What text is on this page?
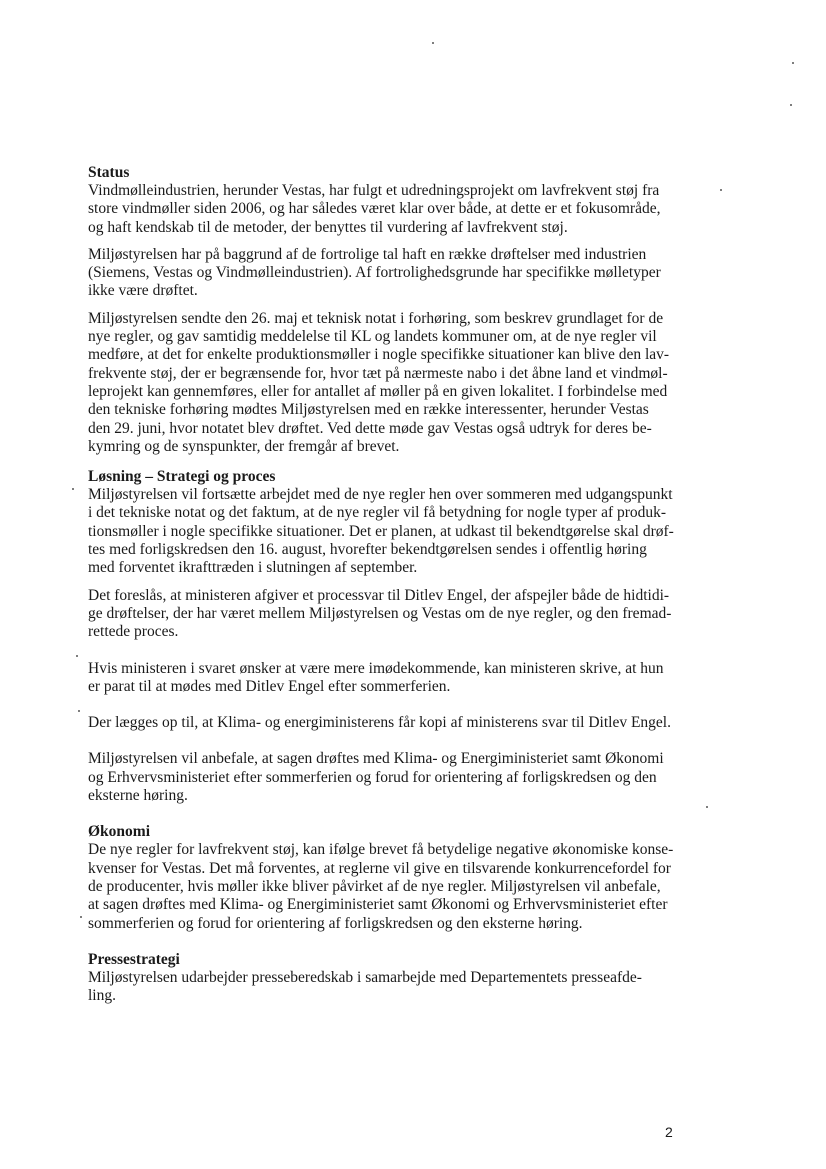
Status

Vindmølleindustrien, herunder Vestas, har fulgt et udredningsprojekt om lavfrekvent støj fra
store vindmøller siden 2006, og har således været klar over både, at dette er et fokusområde,
og haft kendskab til de metoder, der benyttes til vurdering af lavfrekvent støj.

Miljøstyrelsen har på baggrund af de fortrolige tal haft en række drøftelser med industrien
(Siemens, Vestas og Vindmølleindustrien). Af fortrolighedsgrunde har specifikke mølletyper
ikke være drøftet.

Miljøstyrelsen sendte den 26. maj et teknisk notat i forhøring, som beskrev grundlaget for de
nye regler, og gav samtidig meddelelse til KL og landets kommuner om, at de nye regler vil
medføre, at det for enkelte produktionsmøller i nogle specifikke situationer kan blive den lav-
frekvente støj, der er begrænsende for, hvor tæt på nærmeste nabo i det åbne land et vindmøl-
leprojekt kan gennemføres, eller for antallet af møller på en given lokalitet. I forbindelse med
den tekniske forhøring mødtes Miljøstyrelsen med en række interessenter, herunder Vestas
den 29. juni, hvor notatet blev drøftet. Ved dette møde gav Vestas også udtryk for deres be-
kymring og de synspunkter, der fremgår af brevet.

Løsning – Strategi og proces

Miljøstyrelsen vil fortsætte arbejdet med de nye regler hen over sommeren med udgangspunkt
i det tekniske notat og det faktum, at de nye regler vil få betydning for nogle typer af produk-
tionsmøller i nogle specifikke situationer. Det er planen, at udkast til bekendtgørelse skal drøf-
tes med forligskredsen den 16. august, hvorefter bekendtgørelsen sendes i offentlig høring
med forventet ikrafttræden i slutningen af september.

Det foreslås, at ministeren afgiver et processvar til Ditlev Engel, der afspejler både de hidtidi-
ge drøftelser, der har været mellem Miljøstyrelsen og Vestas om de nye regler, og den fremad-
rettede proces.

Hvis ministeren i svaret ønsker at være mere imødekommende, kan ministeren skrive, at hun
er parat til at mødes med Ditlev Engel efter sommerferien.

Der lægges op til, at Klima- og energiministerens får kopi af ministerens svar til Ditlev Engel.

Miljøstyrelsen vil anbefale, at sagen drøftes med Klima- og Energiministeriet samt Økonomi
og Erhvervsministeriet efter sommerferien og forud for orientering af forligskredsen og den
eksterne høring.

Økonomi

De nye regler for lavfrekvent støj, kan ifølge brevet få betydelige negative økonomiske konse-
kvenser for Vestas. Det må forventes, at reglerne vil give en tilsvarende konkurrencefordel for
de producenter, hvis møller ikke bliver påvirket af de nye regler. Miljøstyrelsen vil anbefale,
at sagen drøftes med Klima- og Energiministeriet samt Økonomi og Erhvervsministeriet efter
sommerferien og forud for orientering af forligskredsen og den eksterne høring.

Pressestrategi

Miljøstyrelsen udarbejder presseberedskab i samarbejde med Departementets presseafde-
ling.

2
